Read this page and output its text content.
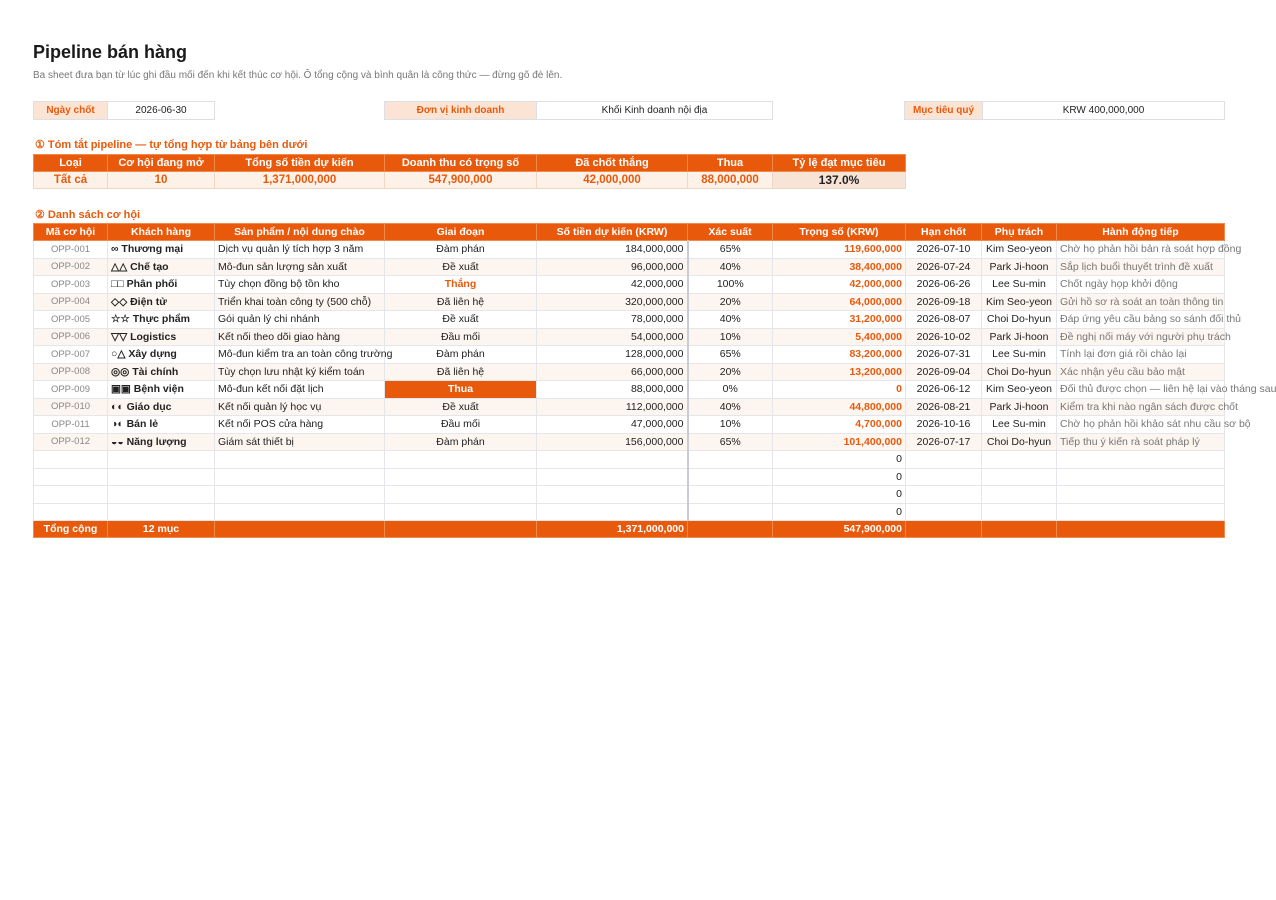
Pipeline bán hàng
Ba sheet đưa bạn từ lúc ghi đầu mối đến khi kết thúc cơ hội. Ô tổng cộng và bình quân là công thức — đừng gõ đè lên.
Ngày chốt	2026-06-30		Đơn vị kinh doanh	Khối Kinh doanh nội địa		Mục tiêu quý	KRW 400,000,000
① Tóm tắt pipeline — tự tổng hợp từ bảng bên dưới
Loại	Cơ hội đang mở	Tổng số tiền dự kiến	Doanh thu có trọng số	Đã chốt thắng	Thua	Tỷ lệ đạt mục tiêu
Tất cả	10	1,371,000,000	547,900,000	42,000,000	88,000,000	137.0%
② Danh sách cơ hội
Mã cơ hội	Khách hàng	Sản phẩm / nội dung chào	Giai đoạn	Số tiền dự kiến (KRW)	Xác suất	Trọng số (KRW)	Hạn chốt	Phụ trách	Hành động tiếp
OPP-001	∞ Thương mại	Dịch vụ quản lý tích hợp 3 năm	Đàm phán	184,000,000	65%	119,600,000	2026-07-10	Kim Seo-yeon	Chờ họ phản hồi bản rà soát hợp đồng
OPP-002	△△ Chế tạo	Mô-đun sản lượng sản xuất	Đề xuất	96,000,000	40%	38,400,000	2026-07-24	Park Ji-hoon	Sắp lịch buổi thuyết trình đề xuất
OPP-003	□□ Phân phối	Tùy chọn đồng bộ tồn kho	Thắng	42,000,000	100%	42,000,000	2026-06-26	Lee Su-min	Chốt ngày họp khởi động
OPP-004	◇◇ Điện tử	Triển khai toàn công ty (500 chỗ)	Đã liên hệ	320,000,000	20%	64,000,000	2026-09-18	Kim Seo-yeon	Gửi hồ sơ rà soát an toàn thông tin
OPP-005	☆☆ Thực phẩm	Gói quản lý chi nhánh	Đề xuất	78,000,000	40%	31,200,000	2026-08-07	Choi Do-hyun	Đáp ứng yêu cầu bảng so sánh đối thủ
OPP-006	▽▽ Logistics	Kết nối theo dõi giao hàng	Đầu mối	54,000,000	10%	5,400,000	2026-10-02	Park Ji-hoon	Đề nghị nối máy với người phụ trách
OPP-007	○△ Xây dựng	Mô-đun kiểm tra an toàn công trường	Đàm phán	128,000,000	65%	83,200,000	2026-07-31	Lee Su-min	Tính lại đơn giá rồi chào lại
OPP-008	◎◎ Tài chính	Tùy chọn lưu nhật ký kiểm toán	Đã liên hệ	66,000,000	20%	13,200,000	2026-09-04	Choi Do-hyun	Xác nhận yêu cầu bảo mật
OPP-009	▣▣ Bệnh viện	Mô-đun kết nối đặt lịch	Thua	88,000,000	0%	0	2026-06-12	Kim Seo-yeon	Đối thủ được chọn — liên hệ lại vào tháng sau
OPP-010	◐◐ Giáo dục	Kết nối quản lý học vụ	Đề xuất	112,000,000	40%	44,800,000	2026-08-21	Park Ji-hoon	Kiểm tra khi nào ngân sách được chốt
OPP-011	◑◐ Bán lẻ	Kết nối POS cửa hàng	Đầu mối	47,000,000	10%	4,700,000	2026-10-16	Lee Su-min	Chờ họ phản hồi khảo sát nhu cầu sơ bộ
OPP-012	◒◒ Năng lượng	Giám sát thiết bị	Đàm phán	156,000,000	65%	101,400,000	2026-07-17	Choi Do-hyun	Tiếp thu ý kiến rà soát pháp lý
						0			
						0			
						0			
						0			
Tổng cộng	12 mục			1,371,000,000		547,900,000			
